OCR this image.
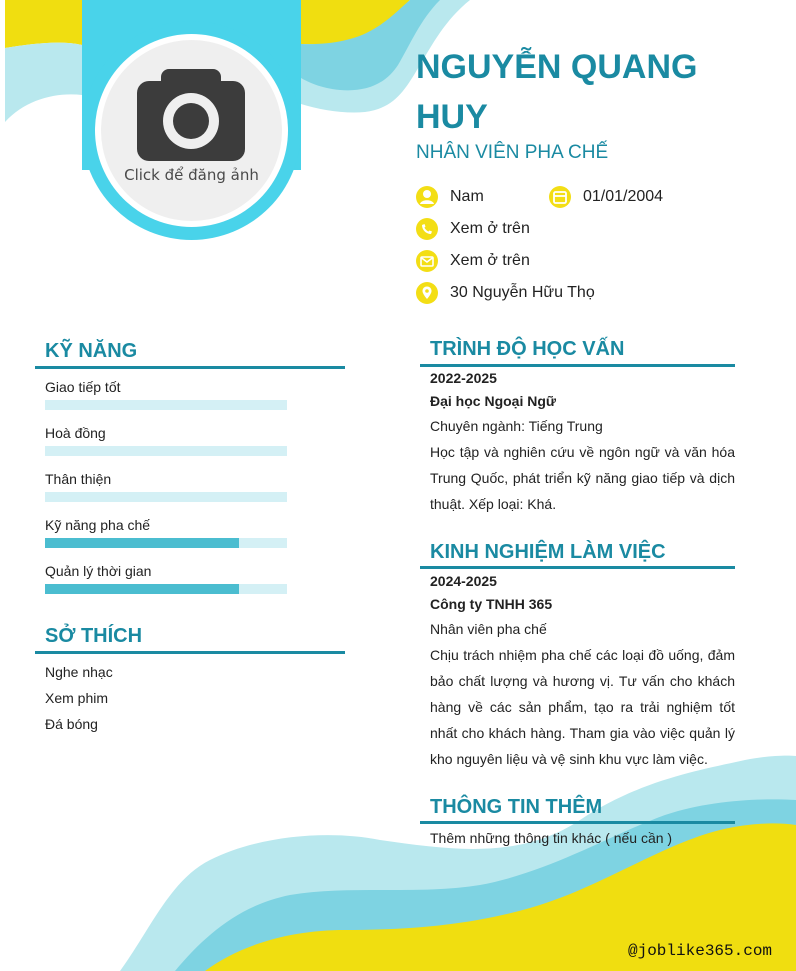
Click để đăng ảnh
NGUYỄN QUANG HUY
NHÂN VIÊN PHA CHẾ
Nam	01/01/2004
Xem ở trên
Xem ở trên
30 Nguyễn Hữu Thọ
KỸ NĂNG
Giao tiếp tốt
Hoà đồng
Thân thiện
Kỹ năng pha chế
Quản lý thời gian
SỞ THÍCH
Nghe nhạc
Xem phim
Đá bóng
TRÌNH ĐỘ HỌC VẤN
2022-2025
Đại học Ngoại Ngữ
Chuyên ngành: Tiếng Trung
Học tập và nghiên cứu về ngôn ngữ và văn hóa Trung Quốc, phát triển kỹ năng giao tiếp và dịch thuật. Xếp loại: Khá.
KINH NGHIỆM LÀM VIỆC
2024-2025
Công ty TNHH 365
Nhân viên pha chế
Chịu trách nhiệm pha chế các loại đồ uống, đảm bảo chất lượng và hương vị. Tư vấn cho khách hàng về các sản phẩm, tạo ra trải nghiệm tốt nhất cho khách hàng. Tham gia vào việc quản lý kho nguyên liệu và vệ sinh khu vực làm việc.
THÔNG TIN THÊM
Thêm những thông tin khác ( nếu cần )
@joblike365.com
